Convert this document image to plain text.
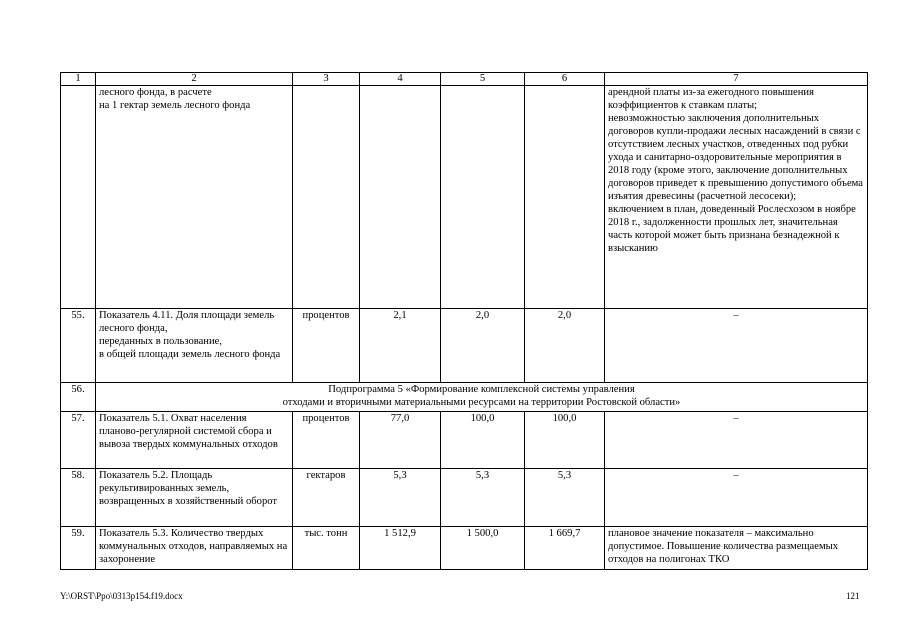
1	2	3	4	5	6	7
	лесного фонда, в расчете
на 1 гектар земель лесного фонда					арендной платы из-за ежегодного повышения коэффициентов к ставкам платы;
невозможностью заключения дополнительных договоров купли-продажи лесных насаждений в связи с отсутствием лесных участков, отведенных под рубки ухода и санитарно-оздоровительные мероприятия в 2018 году (кроме этого, заключение дополнительных договоров приведет к превышению допустимого объема изъятия древесины (расчетной лесосеки);
включением в план, доведенный Рослесхозом в ноябре 2018 г., задолженности прошлых лет, значительная часть которой может быть признана безнадежной к взысканию
55.	Показатель 4.11. Доля площади земель лесного фонда,
переданных в пользование,
в общей площади земель лесного фонда	процентов	2,1	2,0	2,0	–
56.	Подпрограмма 5 «Формирование комплексной системы управления
отходами и вторичными материальными ресурсами на территории Ростовской области»					
57.	Показатель 5.1. Охват населения планово-регулярной системой сбора и вывоза твердых коммунальных отходов	процентов	77,0	100,0	100,0	–
58.	Показатель 5.2. Площадь рекультивированных земель, возвращенных в хозяйственный оборот	гектаров	5,3	5,3	5,3	–
59.	Показатель 5.3. Количество твердых коммунальных отходов, направляемых на захоронение	тыс. тонн	1 512,9	1 500,0	1 669,7	плановое значение показателя – максимально допустимое. Повышение количества размещаемых отходов на полигонах ТКО
Y:\ORST\Ppo\0313p154.f19.docx	121
